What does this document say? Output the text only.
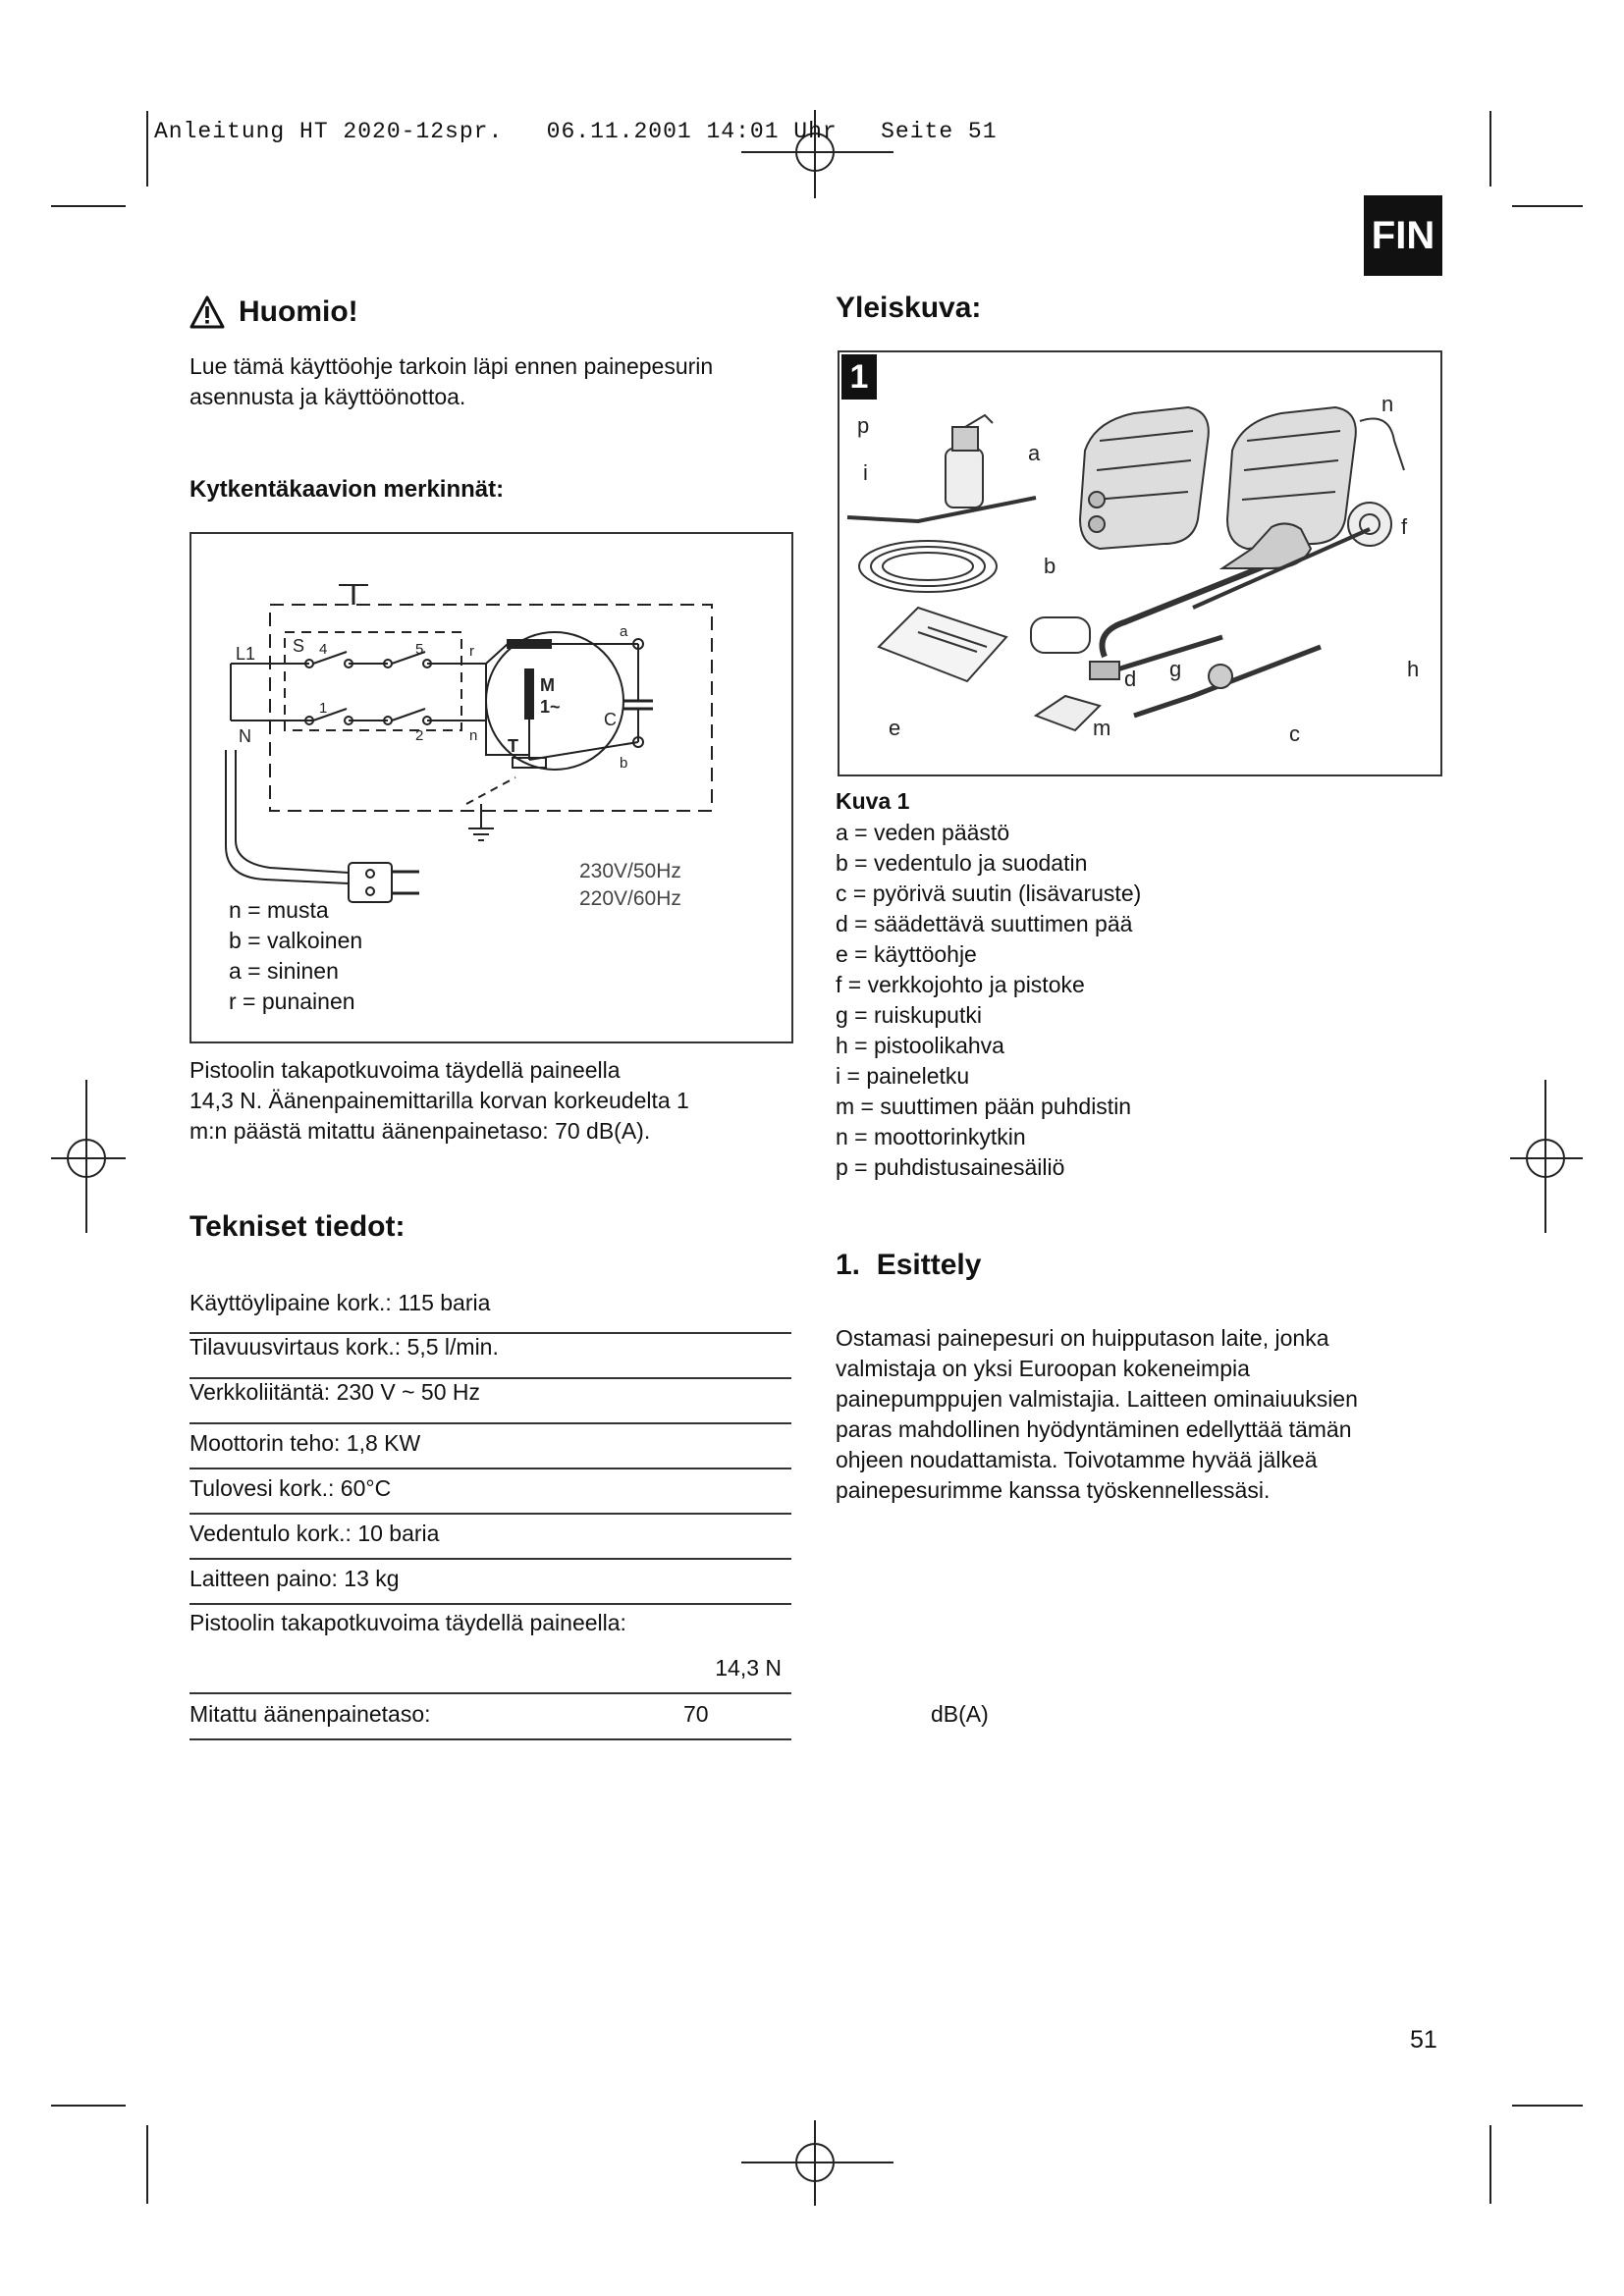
Anleitung HT 2020-12spr.   06.11.2001 14:01 Uhr   Seite 51
FIN
Huomio!
Lue tämä käyttöohje tarkoin läpi ennen painepesurin
asennusta ja käyttöönottoa.
Kytkentäkaavion merkinnät:
L1
N
S 4
1
5
2
r
n
M
1~
T
a
C
b
230V/50Hz
220V/60Hz
n = musta
b = valkoinen
a = sininen
r = punainen
Pistoolin takapotkuvoima täydellä paineella
14,3 N. Äänenpainemittarilla korvan korkeudelta 1
m:n päästä mitattu äänenpainetaso: 70 dB(A).
Tekniset tiedot:
Käyttöylipaine kork.: 115 baria
Tilavuusvirtaus kork.: 5,5 l/min.
Verkkoliitäntä: 230 V ~ 50 Hz
Moottorin teho: 1,8 KW
Tulovesi kork.: 60°C
Vedentulo kork.: 10 baria
Laitteen paino: 13 kg
Pistoolin takapotkuvoima täydellä paineella:
14,3 N
Mitattu äänenpainetaso:	70	dB(A)
Yleiskuva:
1
p
i
a
b
n
f
d g	h
e	m	c
Kuva 1
a = veden päästö
b = vedentulo ja suodatin
c = pyörivä suutin (lisävaruste)
d = säädettävä suuttimen pää
e = käyttöohje
f = verkkojohto ja pistoke
g = ruiskuputki
h = pistoolikahva
i = paineletku
m = suuttimen pään puhdistin
n = moottorinkytkin
p = puhdistusainesäiliö
1.  Esittely
Ostamasi painepesuri on huipputason laite, jonka
valmistaja on yksi Euroopan kokeneimpia
painepumppujen valmistajia. Laitteen ominaiuuksien
paras mahdollinen hyödyntäminen edellyttää tämän
ohjeen noudattamista. Toivotamme hyvää jälkeä
painepesurimme kanssa työskennellessäsi.
51
